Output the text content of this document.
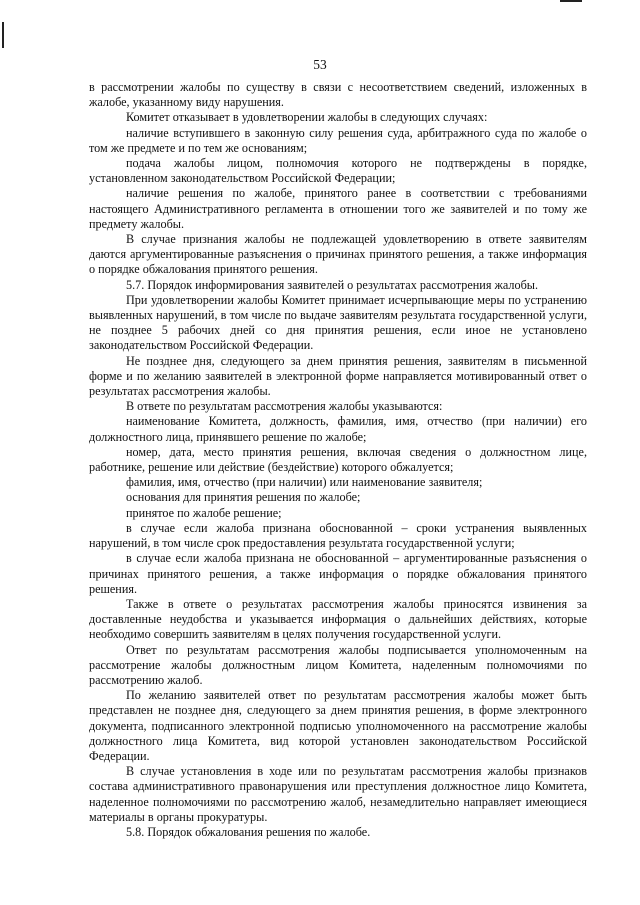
53

в рассмотрении жалобы по существу в связи с несоответствием сведений, изложенных в жалобе, указанному виду нарушения.

Комитет отказывает в удовлетворении жалобы в следующих случаях:

наличие вступившего в законную силу решения суда, арбитражного суда по жалобе о том же предмете и по тем же основаниям;

подача жалобы лицом, полномочия которого не подтверждены в порядке, установленном законодательством Российской Федерации;

наличие решения по жалобе, принятого ранее в соответствии с требованиями настоящего Административного регламента в отношении того же заявителей и по тому же предмету жалобы.

В случае признания жалобы не подлежащей удовлетворению в ответе заявителям даются аргументированные разъяснения о причинах принятого решения, а также информация о порядке обжалования принятого решения.

5.7. Порядок информирования заявителей о результатах рассмотрения жалобы.

При удовлетворении жалобы Комитет принимает исчерпывающие меры по устранению выявленных нарушений, в том числе по выдаче заявителям результата государственной услуги, не позднее 5 рабочих дней со дня принятия решения, если иное не установлено законодательством Российской Федерации.

Не позднее дня, следующего за днем принятия решения, заявителям в письменной форме и по желанию заявителей в электронной форме направляется мотивированный ответ о результатах рассмотрения жалобы.

В ответе по результатам рассмотрения жалобы указываются:

наименование Комитета, должность, фамилия, имя, отчество (при наличии) его должностного лица, принявшего решение по жалобе;

номер, дата, место принятия решения, включая сведения о должностном лице, работнике, решение или действие (бездействие) которого обжалуется;

фамилия, имя, отчество (при наличии) или наименование заявителя;

основания для принятия решения по жалобе;

принятое по жалобе решение;

в случае если жалоба признана обоснованной – сроки устранения выявленных нарушений, в том числе срок предоставления результата государственной услуги;

в случае если жалоба признана не обоснованной – аргументированные разъяснения о причинах принятого решения, а также информация о порядке обжалования принятого решения.

Также в ответе о результатах рассмотрения жалобы приносятся извинения за доставленные неудобства и указывается информация о дальнейших действиях, которые необходимо совершить заявителям в целях получения государственной услуги.

Ответ по результатам рассмотрения жалобы подписывается уполномоченным на рассмотрение жалобы должностным лицом Комитета, наделенным полномочиями по рассмотрению жалоб.

По желанию заявителей ответ по результатам рассмотрения жалобы может быть представлен не позднее дня, следующего за днем принятия решения, в форме электронного документа, подписанного электронной подписью уполномоченного на рассмотрение жалобы должностного лица Комитета, вид которой установлен законодательством Российской Федерации.

В случае установления в ходе или по результатам рассмотрения жалобы признаков состава административного правонарушения или преступления должностное лицо Комитета, наделенное полномочиями по рассмотрению жалоб, незамедлительно направляет имеющиеся материалы в органы прокуратуры.

5.8. Порядок обжалования решения по жалобе.
